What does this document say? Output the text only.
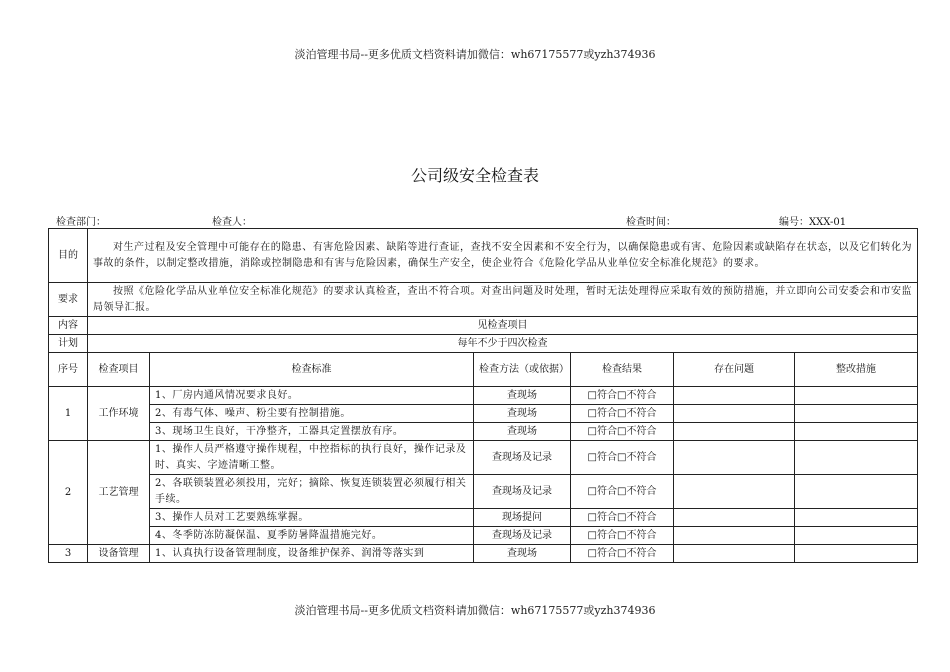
淡泊管理书局--更多优质文档资料请加微信：wh67175577或yzh374936
公司级安全检查表
检查部门：	检查人：	检查时间：	编号：XXX-01
目的	对生产过程及安全管理中可能存在的隐患、有害危险因素、缺陷等进行查证，查找不安全因素和不安全行为，以确保隐患或有害、危险因素或缺陷存在状态，以及它们转化为事故的条件，以制定整改措施，消除或控制隐患和有害与危险因素，确保生产安全，使企业符合《危险化学品从业单位安全标准化规范》的要求。					
要求	按照《危险化学品从业单位安全标准化规范》的要求认真检查，查出不符合项。对查出问题及时处理，暂时无法处理得应采取有效的预防措施，并立即向公司安委会和市安监局领导汇报。					
内容	见检查项目					
计划	每年不少于四次检查					
序号	检查项目	检查标准	检查方法（或依据）	检查结果	存在问题	整改措施
1	工作环境	1、厂房内通风情况要求良好。	查现场	□符合□不符合		
		2、有毒气体、噪声、粉尘要有控制措施。	查现场	□符合□不符合		
		3、现场卫生良好，干净整齐，工器具定置摆放有序。	查现场	□符合□不符合		
2	工艺管理	1、操作人员严格遵守操作规程，中控指标的执行良好，操作记录及时、真实、字迹清晰工整。	查现场及记录	□符合□不符合		
		2、各联锁装置必须投用，完好；摘除、恢复连锁装置必须履行相关手续。	查现场及记录	□符合□不符合		
		3、操作人员对工艺要熟练掌握。	现场提问	□符合□不符合		
		4、冬季防冻防凝保温、夏季防暑降温措施完好。	查现场及记录	□符合□不符合		
3	设备管理	1、认真执行设备管理制度，设备维护保养、润滑等落实到	查现场	□符合□不符合		
淡泊管理书局--更多优质文档资料请加微信：wh67175577或yzh374936
